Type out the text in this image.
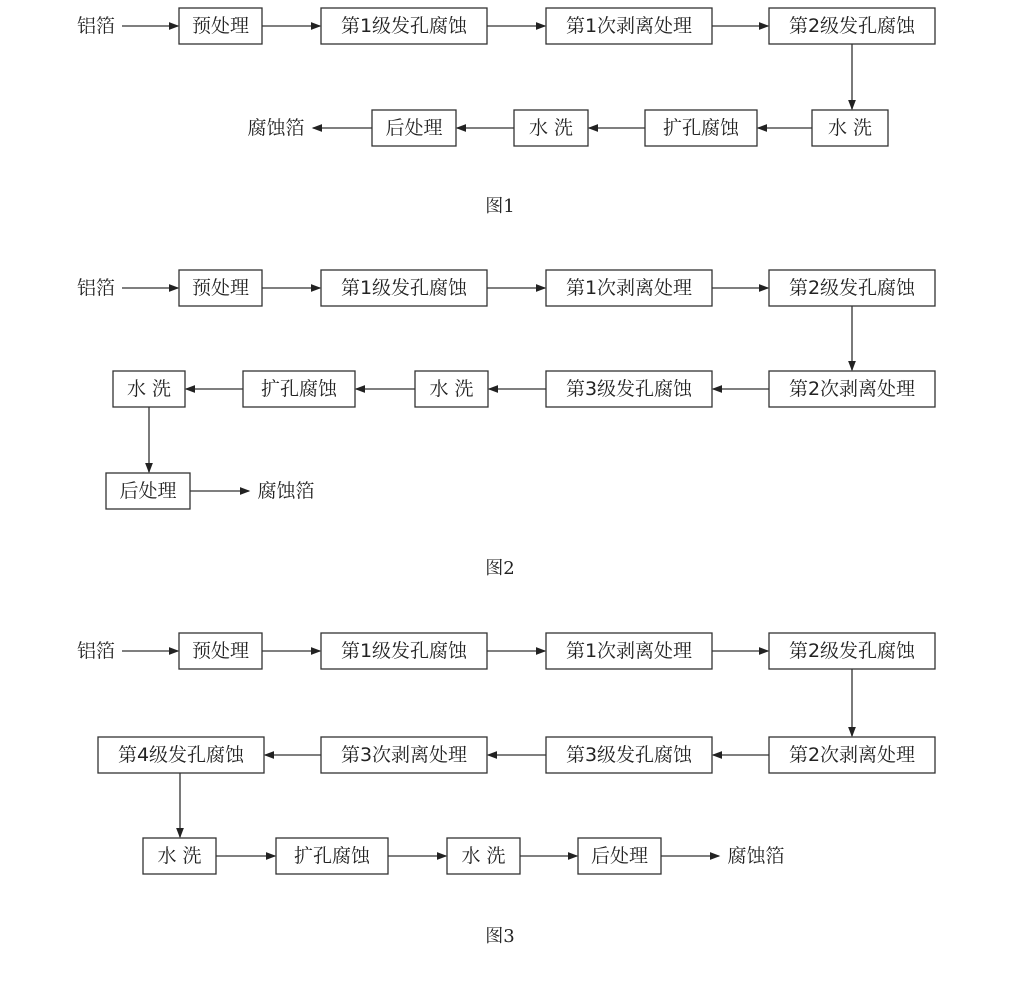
铝箔	预处理	第1级发孔腐蚀	第1次剥离处理	第2级发孔腐蚀
水 洗
扩孔腐蚀
水 洗
后处理
腐蚀箔
图1
铝箔	预处理	第1级发孔腐蚀	第1次剥离处理	第2级发孔腐蚀
第2次剥离处理
第3级发孔腐蚀
水 洗
扩孔腐蚀
水 洗
后处理	腐蚀箔
图2
铝箔	预处理	第1级发孔腐蚀	第1次剥离处理	第2级发孔腐蚀
第2次剥离处理
第3级发孔腐蚀
第3次剥离处理
第4级发孔腐蚀
水 洗	扩孔腐蚀	水 洗	后处理	腐蚀箔
图3
